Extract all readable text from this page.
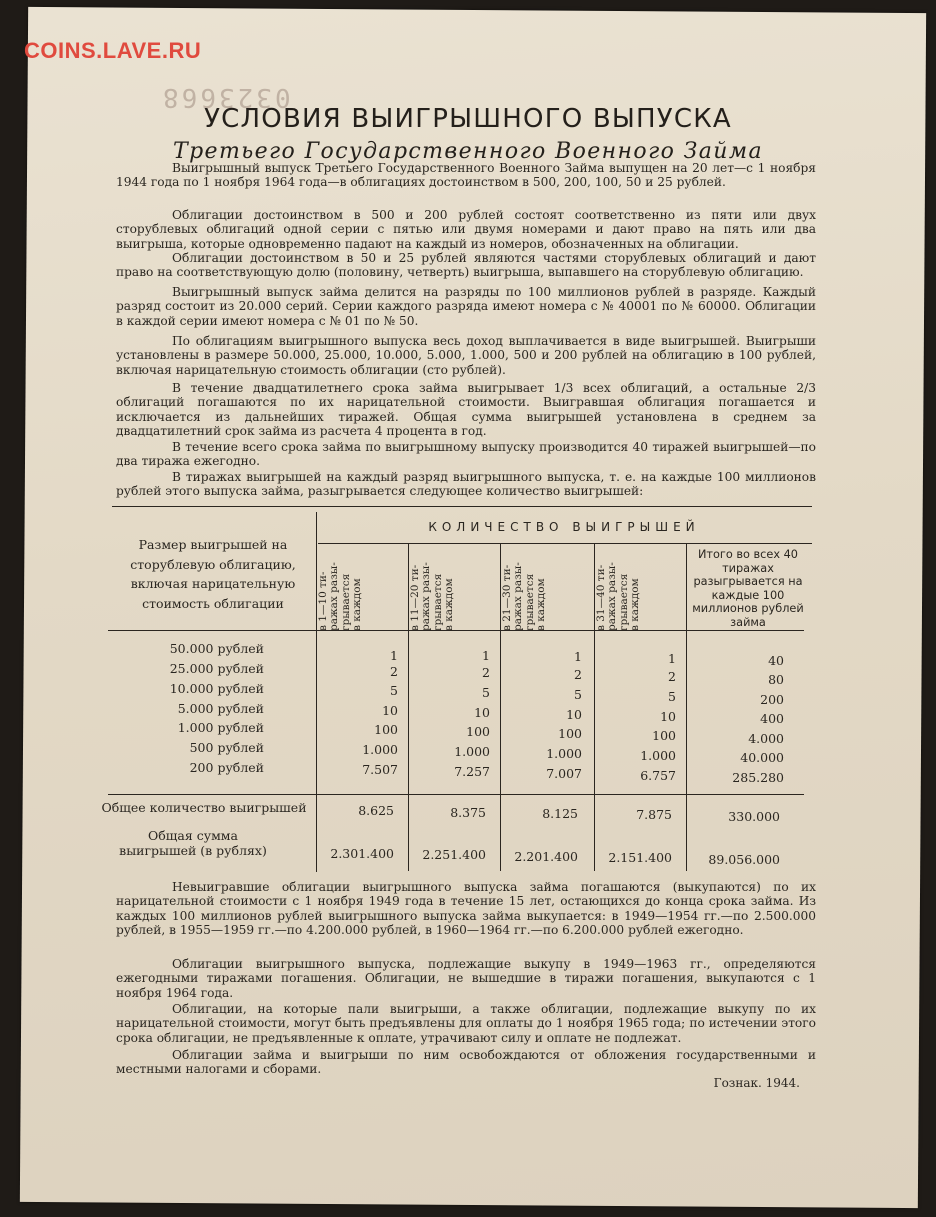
COINS.LAVE.RU
0323668
УСЛОВИЯ ВЫИГРЫШНОГО ВЫПУСКА
Третьего Государственного Военного Займа

Выигрышный выпуск Третьего Государственного Военного Займа выпущен на 20 лет—с 1 ноября 1944 года по 1 ноября 1964 года—в облигациях достоинством в 500, 200, 100, 50 и 25 рублей.

Облигации достоинством в 500 и 200 рублей состоят соответственно из пяти или двух сторублевых облигаций одной серии с пятью или двумя номерами и дают право на пять или два выигрыша, которые одновременно падают на каждый из номеров, обозначенных на облигации.

Облигации достоинством в 50 и 25 рублей являются частями сторублевых облигаций и дают право на соответствующую долю (половину, четверть) выигрыша, выпавшего на сторублевую облигацию.

Выигрышный выпуск займа делится на разряды по 100 миллионов рублей в разряде. Каждый разряд состоит из 20.000 серий. Серии каждого разряда имеют номера с № 40001 по № 60000. Облигации в каждой серии имеют номера с № 01 по № 50.

По облигациям выигрышного выпуска весь доход выплачивается в виде выигрышей. Выигрыши установлены в размере 50.000, 25.000, 10.000, 5.000, 1.000, 500 и 200 рублей на облигацию в 100 рублей, включая нарицательную стоимость облигации (сто рублей).

В течение двадцатилетнего срока займа выигрывает 1/3 всех облигаций, а остальные 2/3 облигаций погашаются по их нарицательной стоимости. Выигравшая облигация погашается и исключается из дальнейших тиражей. Общая сумма выигрышей установлена в среднем за двадцатилетний срок займа из расчета 4 процента в год.

В течение всего срока займа по выигрышному выпуску производится 40 тиражей выигрышей—по два тиража ежегодно.

В тиражах выигрышей на каждый разряд выигрышного выпуска, т. е. на каждые 100 миллионов рублей этого выпуска займа, разыгрывается следующее количество выигрышей:

Размер выигрышей на сторублевую облигацию, включая нарицательную стоимость облигации
КОЛИЧЕСТВО ВЫИГРЫШЕЙ
в 1—10 ти-
ражах разы-
грывается
в каждом
в 11—20 ти-
ражах разы-
грывается
в каждом
в 21—30 ти-
ражах разы-
грывается
в каждом
в 31—40 ти-
ражах разы-
грывается
в каждом
Итого во всех 40 тиражах разыгрывается на каждые 100 миллионов рублей займа
50.000 рублей	1	1	1	1	40
25.000 рублей	2	2	2	2	80
10.000 рублей	5	5	5	5	200
5.000 рублей	10	10	10	10	400
1.000 рублей	100	100	100	100	4.000
500 рублей	1.000	1.000	1.000	1.000	40.000
200 рублей	7.507	7.257	7.007	6.757	285.280
Общее количество выигрышей	8.625	8.375	8.125	7.875	330.000
Общая сумма выигрышей (в рублях)	2.301.400	2.251.400	2.201.400	2.151.400	89.056.000

Невыигравшие облигации выигрышного выпуска займа погашаются (выкупаются) по их нарицательной стоимости с 1 ноября 1949 года в течение 15 лет, остающихся до конца срока займа. Из каждых 100 миллионов рублей выигрышного выпуска займа выкупается: в 1949—1954 гг.—по 2.500.000 рублей, в 1955—1959 гг.—по 4.200.000 рублей, в 1960—1964 гг.—по 6.200.000 рублей ежегодно.

Облигации выигрышного выпуска, подлежащие выкупу в 1949—1963 гг., определяются ежегодными тиражами погашения. Облигации, не вышедшие в тиражи погашения, выкупаются с 1 ноября 1964 года.

Облигации, на которые пали выигрыши, а также облигации, подлежащие выкупу по их нарицательной стоимости, могут быть предъявлены для оплаты до 1 ноября 1965 года; по истечении этого срока облигации, не предъявленные к оплате, утрачивают силу и оплате не подлежат.

Облигации займа и выигрыши по ним освобождаются от обложения государственными и местными налогами и сборами.

Гознак. 1944.
